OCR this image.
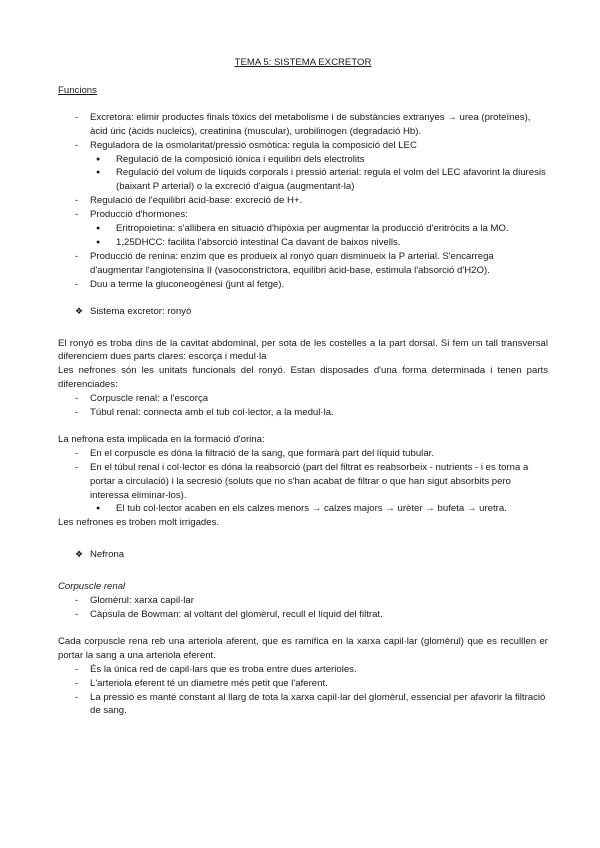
TEMA 5: SISTEMA EXCRETOR
Funcions
- Excretora: elimir productes finals tòxics del metabolisme i de substàncies extranyes → urea (proteïnes), àcid úric (àcids nucleics), creatinina (muscular), urobilinogen (degradació Hb).
- Reguladora de la osmolaritat/pressió osmòtica: regula la composició del LEC
● Regulació de la composició iònica i equilibri dels electrolits
● Regulació del volum de líquids corporals i pressió arterial: regula el volm del LEC afavorint la diuresis (baixant P arterial) o la excreció d'aigua (augmentant-la)
- Regulació de l'equilibri àcid-base: excreció de H+.
- Producció d'hormones:
● Eritropoietina: s'allibera en situació d'hipòxia per augmentar la producció d'eritròcits a la MO.
● 1,25DHCC: facilita l'absorció intestinal Ca davant de baixos nivells.
- Producció de renina: enzim que es produeix al ronyó quan disminueix la P arterial. S'encarrega d'augmentar l'angiotensina II (vasoconstrictora, equilibri àcid-base, estimula l'absorció d'H2O).
- Duu a terme la gluconeogènesi (junt al fetge).
❖ Sistema excretor: ronyó

El ronyó es troba dins de la cavitat abdominal, per sota de les costelles a la part dorsal. Si fem un tall transversal diferenciem dues parts clares: escorça i medul·la

Les nefrones són les unitats funcionals del ronyó. Estan disposades d'una forma determinada i tenen parts diferenciades:

- Corpuscle renal: a l'escorça
- Túbul renal: connecta amb el tub col·lector, a la medul·la.

La nefrona esta implicada en la formació d'orina:

- En el corpuscle es dóna la filtració de la sang, que formarà part del líquid tubular.
- En el túbul renal i col·lector es dóna la reabsorció (part del filtrat es reabsorbeix - nutrients - i es torna a portar a circulació) i la secresió (soluts que no s'han acabat de filtrar o que han sigut absorbits pero interessa eliminar-los).
● El tub col·lector acaben en els calzes menors → calzes majors → urèter → bufeta → uretra.

Les nefrones es troben molt irrigades.

❖ Nefrona

Corpuscle renal

- Glomèrul: xarxa capil·lar
- Càpsula de Bowman: al voltant del glomèrul, recull el líquid del filtrat.

Cada corpuscle rena reb una arteriola aferent, que es ramifica en la xarxa capil·lar (glomèrul) que es reculllen er portar la sang a una arteriola eferent.

- És la única red de capil·lars que es troba entre dues arterioles.
- L'arteriola eferent té un diametre més petit que l'aferent.
- La pressió es manté constant al llarg de tota la xarxa capil·lar del glomèrul, essencial per afavorir la filtració de sang.
